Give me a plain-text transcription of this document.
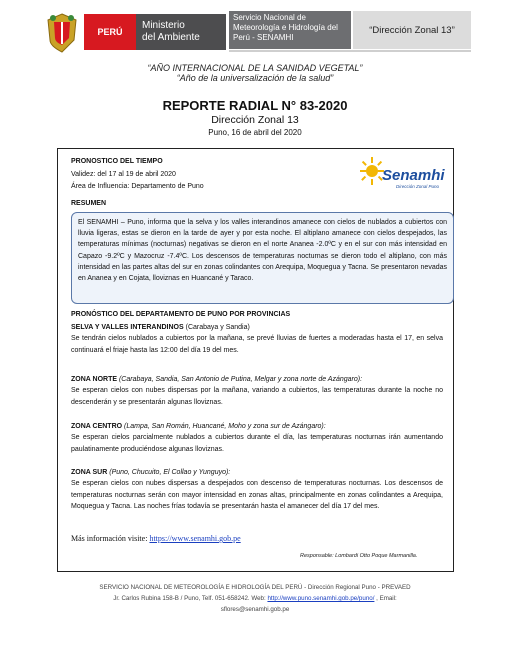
PERÚ
Ministerio
del Ambiente
Servicio Nacional de
Meteorología e Hidrología del
Perú - SENAMHI
“Dirección Zonal 13”
“AÑO INTERNACIONAL DE LA SANIDAD VEGETAL”
“Año de la universalización de la salud”
REPORTE RADIAL N° 83-2020
Dirección Zonal 13
Puno, 16 de abril del 2020
PRONOSTICO DEL TIEMPO
Validez: del 17 al 19 de abril 2020
Área de Influencia: Departamento de Puno
Senamhi
Dirección Zonal Puno
RESUMEN
El SENAMHI – Puno, informa que la selva y los valles interandinos amanece con cielos de nublados a cubiertos con lluvia ligeras, estas se dieron en la tarde de ayer y por esta noche. El altiplano amanece con cielos despejados, las temperaturas mínimas (nocturnas) negativas se dieron en el norte Ananea -2.0ºC y en el sur con más intensidad en Capazo -9.2ºC y Mazocruz -7.4ºC. Los descensos de temperaturas nocturnas se dieron todo el altiplano, con más intensidad en las partes altas del sur en zonas colindantes con Arequipa, Moquegua y Tacna. Se presentaron nevadas en Ananea y en Cojata, lloviznas en Huancané y Taraco.
PRONÓSTICO DEL DEPARTAMENTO DE PUNO POR PROVINCIAS
SELVA Y VALLES INTERANDINOS (Carabaya y Sandia)
Se tendrán cielos nublados a cubiertos por la mañana, se prevé lluvias de fuertes a moderadas hasta el 17, en selva continuará el friaje hasta las 12:00 del día 19 del mes.
ZONA NORTE (Carabaya, Sandia, San Antonio de Putina, Melgar y zona norte de Azángaro):
Se esperan cielos con nubes dispersas por la mañana, variando a cubiertos, las temperaturas durante la noche no descenderán y se presentarán algunas lloviznas.
ZONA CENTRO (Lampa, San Román, Huancané, Moho y zona sur de Azángaro):
Se esperan cielos parcialmente nublados a cubiertos durante el día, las temperaturas nocturnas irán aumentando paulatinamente produciéndose algunas lloviznas.
ZONA SUR (Puno, Chucuito, El Collao y Yunguyo):
Se esperan cielos con nubes dispersas a despejados con descenso de temperaturas nocturnas. Los descensos de temperaturas nocturnas serán con mayor intensidad en zonas altas, principalmente en zonas colindantes a Arequipa, Moquegua y Tacna. Las noches frías todavía se presentarán hasta el amanecer del día 17 del mes.
Más información visite: https://www.senamhi.gob.pe
Responsable: Lombardi Otto Poque Marmanilla.
SERVICIO NACIONAL DE METEOROLOGÍA E HIDROLOGÍA DEL PERÚ - Dirección Regional Puno - PREVAED
Jr. Carlos Rubina 158-B / Puno, Telf. 051-658242. Web: http://www.puno.senamhi.gob.pe/puno/ , Email:
sflores@senamhi.gob.pe
